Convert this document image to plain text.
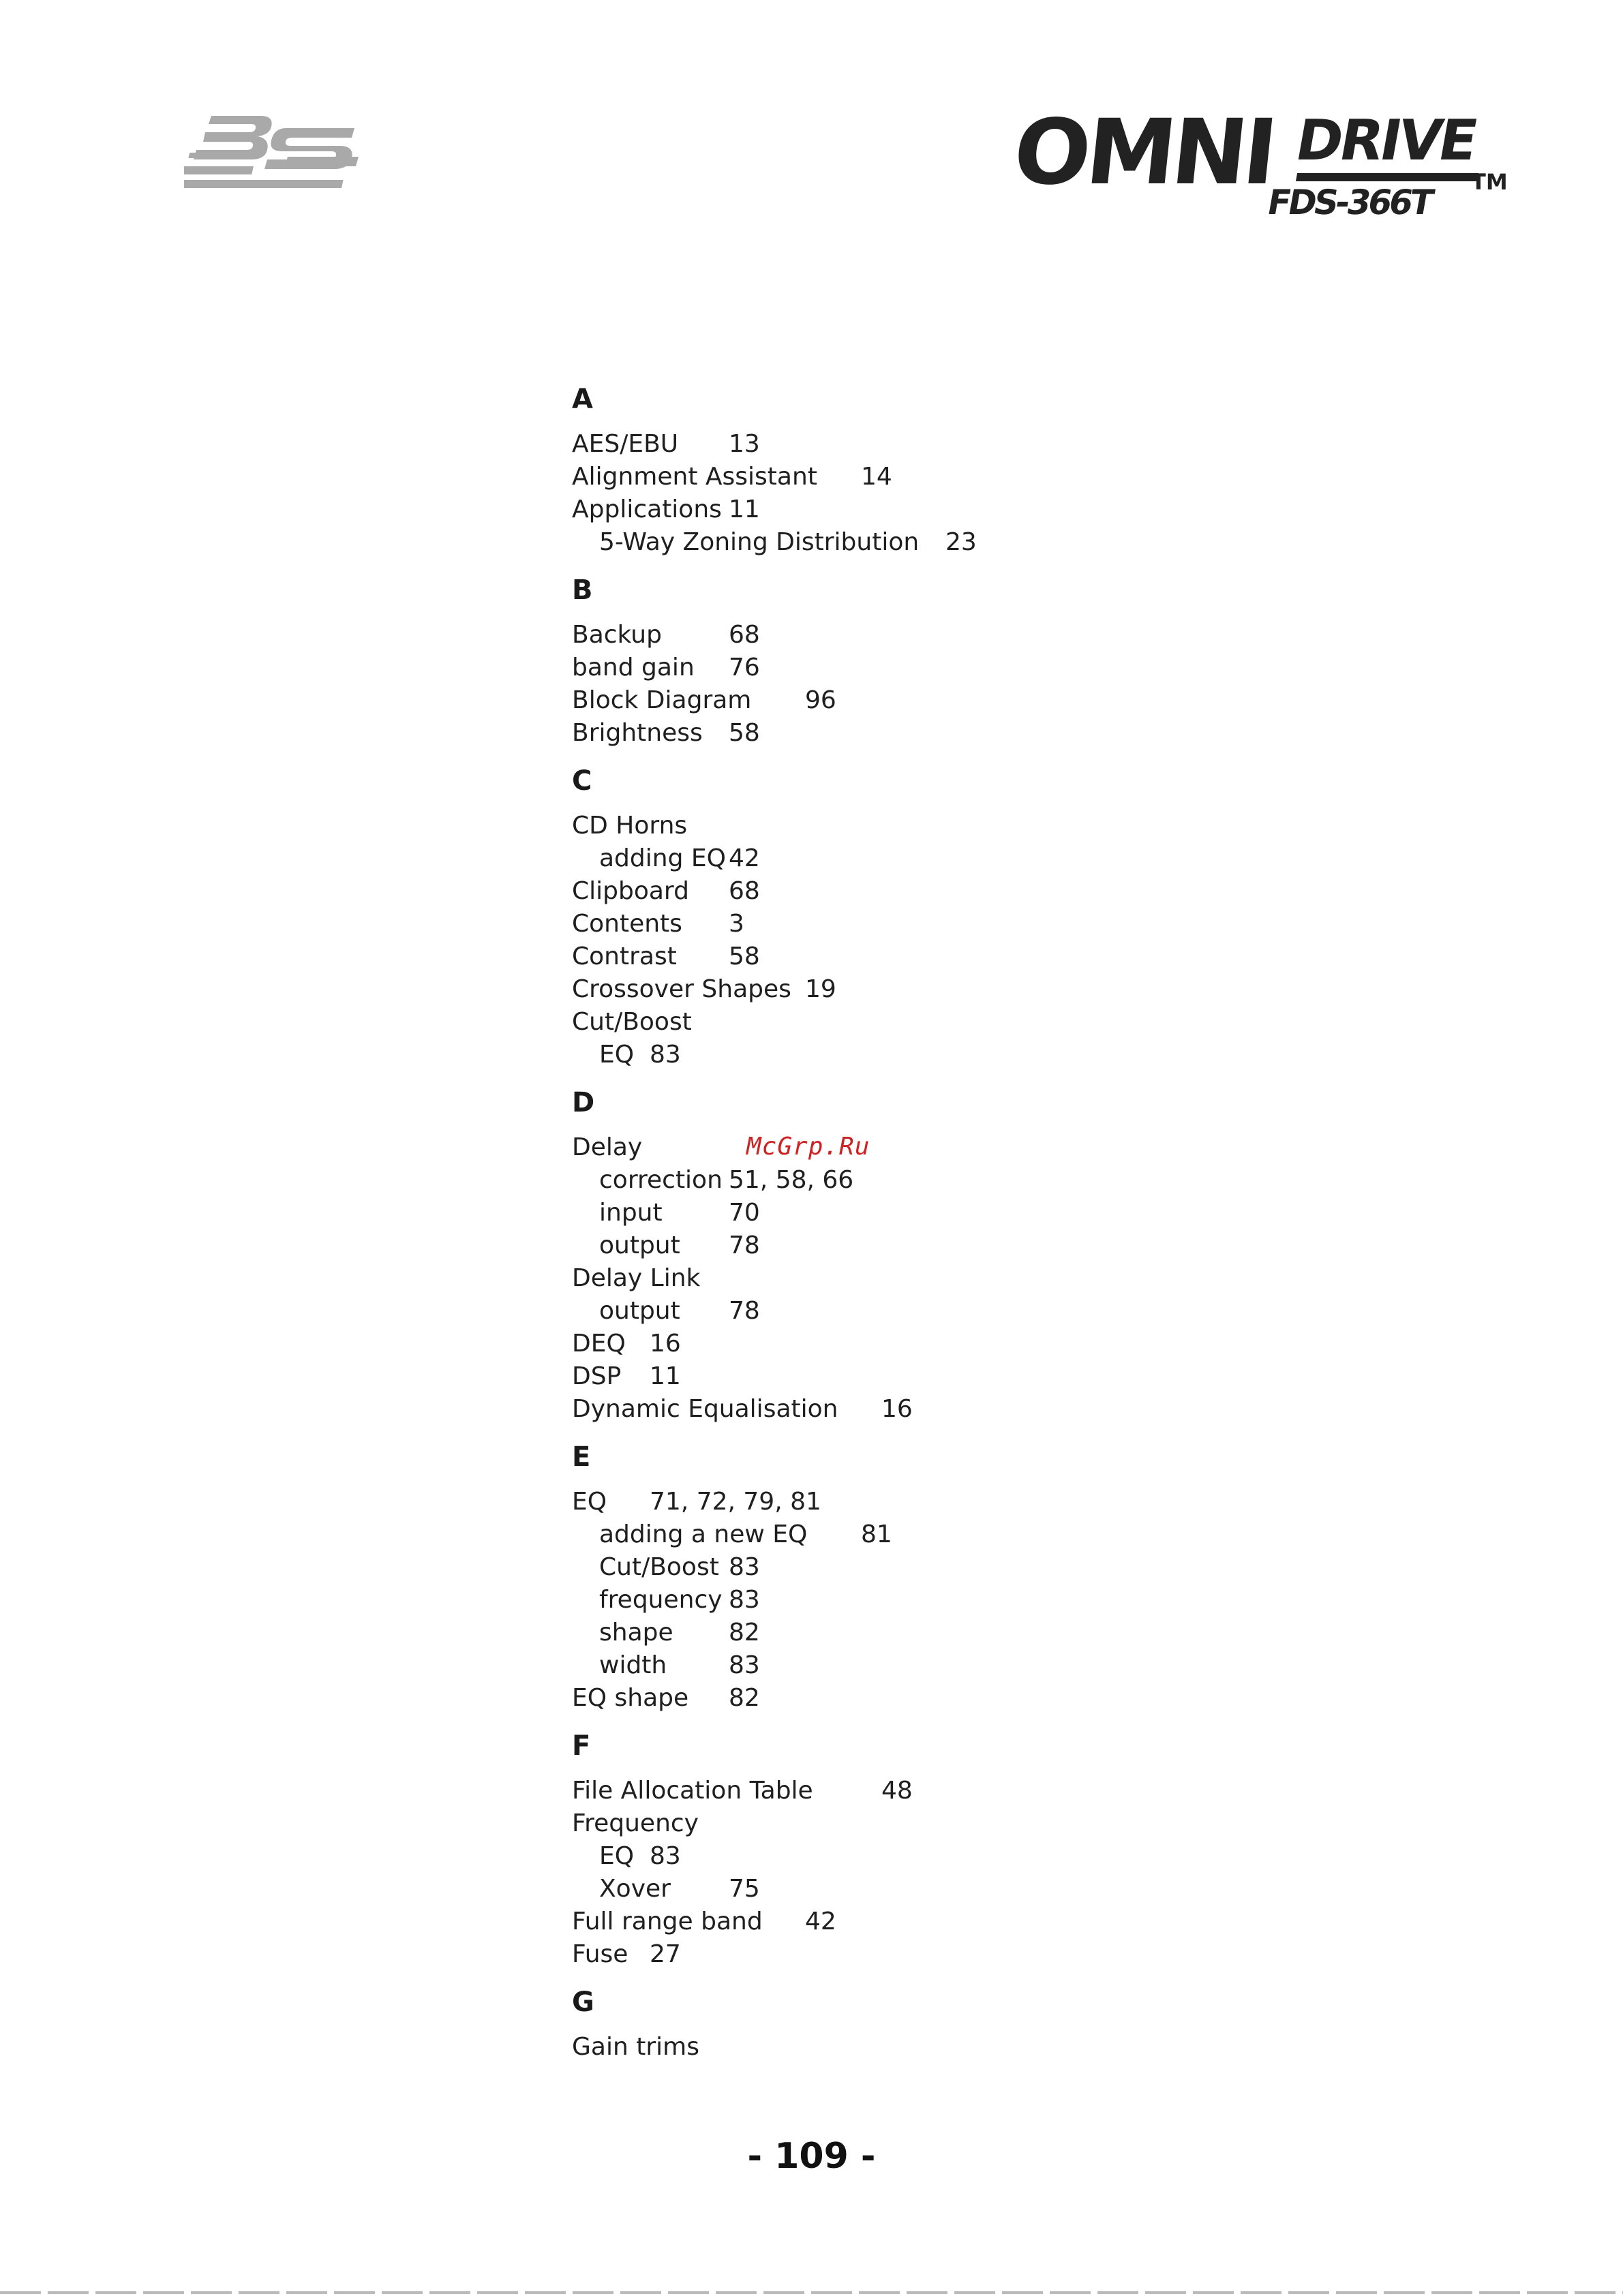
OMNI DRIVE
TM
FDS-366T
A
AES/EBU 13
Alignment Assistant 14
Applications 11
5-Way Zoning Distribution 23
B
Backup	68
band gain 76
Block Diagram 96
Brightness 58
C
CD Horns
adding EQ 42
Clipboard 68
Contents 3
Contrast 58
Crossover Shapes 19
Cut/Boost
EQ 83
D
Delay
correction 51, 58, 66
input	70
output 78
Delay Link
output 78
DEQ 16
DSP 11
Dynamic Equalisation 16
E
EQ 71, 72, 79, 81
adding a new EQ 81
Cut/Boost 83
frequency 83
shape 82
width	83
EQ shape 82
F
File Allocation Table	48
Frequency
EQ 83
Xover 75
Full range band 42
Fuse 27
G
Gain trims
McGrp.Ru
- 109 -
